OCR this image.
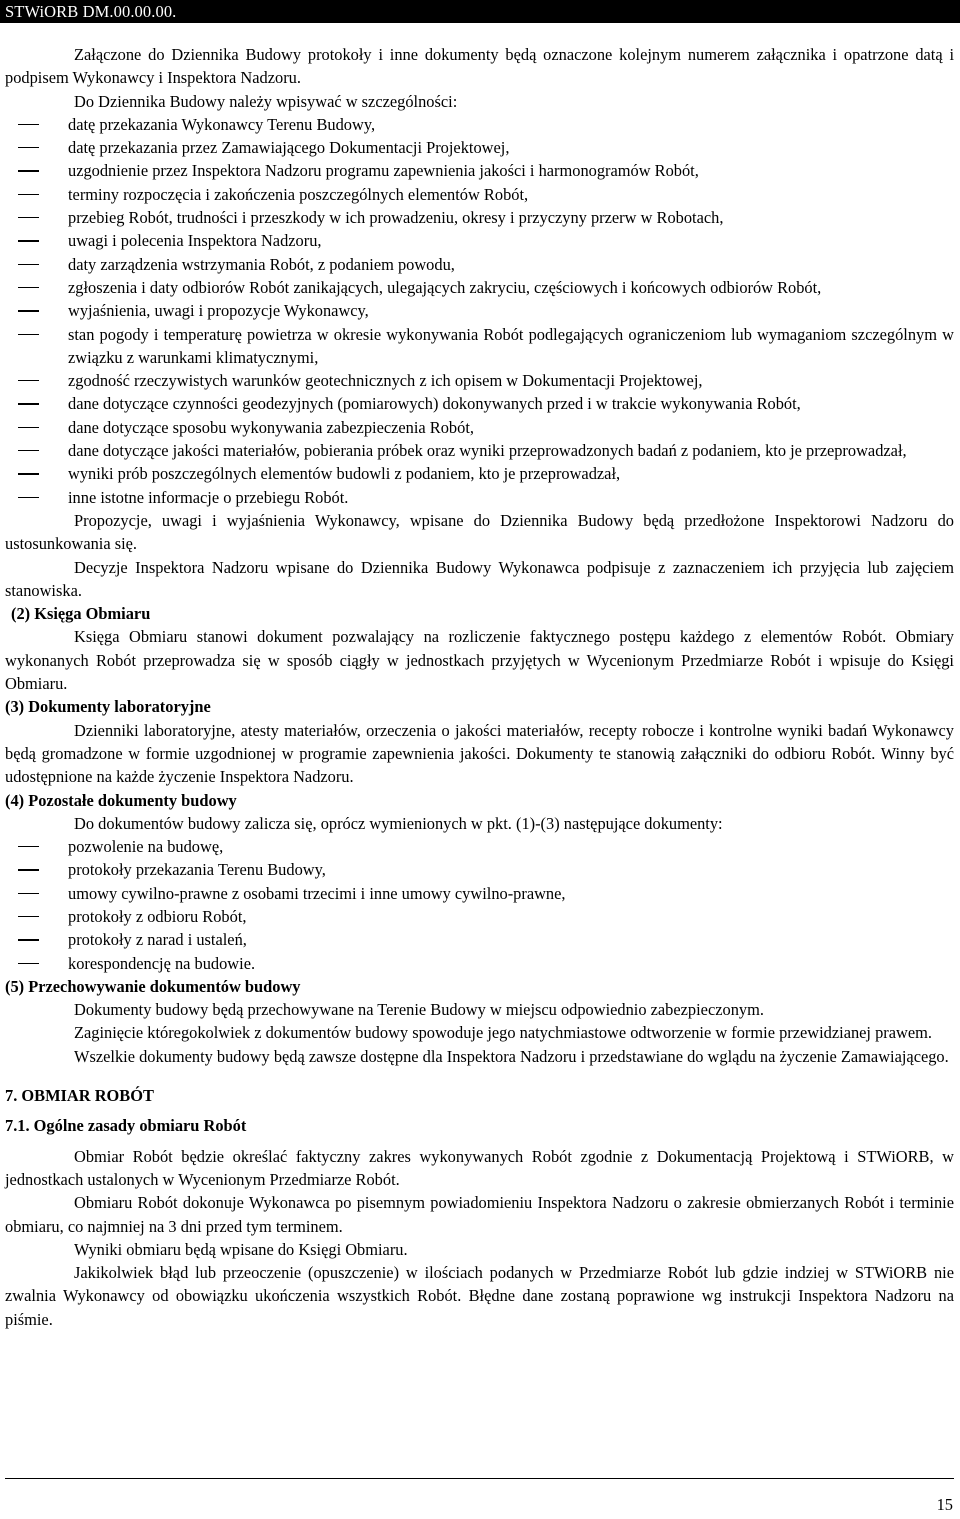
STWiORB DM.00.00.00.

Załączone do Dziennika Budowy protokoły i inne dokumenty będą oznaczone kolejnym numerem załącznika i opatrzone datą i podpisem Wykonawcy i Inspektora Nadzoru.

Do Dziennika Budowy należy wpisywać w szczególności:

datę przekazania Wykonawcy Terenu Budowy,
datę przekazania przez Zamawiającego Dokumentacji Projektowej,
uzgodnienie przez Inspektora Nadzoru programu zapewnienia jakości i harmonogramów Robót,
terminy rozpoczęcia i zakończenia poszczególnych elementów Robót,
przebieg Robót, trudności i przeszkody w ich prowadzeniu, okresy i przyczyny przerw w Robotach,
uwagi i polecenia Inspektora Nadzoru,
daty zarządzenia wstrzymania Robót, z podaniem powodu,
zgłoszenia i daty odbiorów Robót zanikających, ulegających zakryciu, częściowych i końcowych odbiorów Robót,
wyjaśnienia, uwagi i propozycje Wykonawcy,
stan pogody i temperaturę powietrza w okresie wykonywania Robót podlegających ograniczeniom lub wymaganiom szczególnym w związku z warunkami klimatycznymi,
zgodność rzeczywistych warunków geotechnicznych z ich opisem w Dokumentacji Projektowej,
dane dotyczące czynności geodezyjnych (pomiarowych) dokonywanych przed i w trakcie wykonywania Robót,
dane dotyczące sposobu wykonywania zabezpieczenia Robót,
dane dotyczące jakości materiałów, pobierania próbek oraz wyniki przeprowadzonych badań z podaniem, kto je przeprowadzał,
wyniki prób poszczególnych elementów budowli z podaniem, kto je przeprowadzał,
inne istotne informacje o przebiegu Robót.

Propozycje, uwagi i wyjaśnienia Wykonawcy, wpisane do Dziennika Budowy będą przedłożone Inspektorowi Nadzoru do ustosunkowania się.

Decyzje Inspektora Nadzoru wpisane do Dziennika Budowy Wykonawca podpisuje z zaznaczeniem ich przyjęcia lub zajęciem stanowiska.

(2) Księga Obmiaru

Księga Obmiaru stanowi dokument pozwalający na rozliczenie faktycznego postępu każdego z elementów Robót. Obmiary wykonanych Robót przeprowadza się w sposób ciągły w jednostkach przyjętych w Wycenionym Przedmiarze Robót i wpisuje do Księgi Obmiaru.

(3) Dokumenty laboratoryjne

Dzienniki laboratoryjne, atesty materiałów, orzeczenia o jakości materiałów, recepty robocze i kontrolne wyniki badań Wykonawcy będą gromadzone w formie uzgodnionej w programie zapewnienia jakości. Dokumenty te stanowią załączniki do odbioru Robót. Winny być udostępnione na każde życzenie Inspektora Nadzoru.

(4) Pozostałe dokumenty budowy

Do dokumentów budowy zalicza się, oprócz wymienionych w pkt. (1)-(3) następujące dokumenty:

pozwolenie na budowę,
protokoły przekazania Terenu Budowy,
umowy cywilno-prawne z osobami trzecimi i inne umowy cywilno-prawne,
protokoły z odbioru Robót,
protokoły z narad i ustaleń,
korespondencję na budowie.

(5) Przechowywanie dokumentów budowy

Dokumenty budowy będą przechowywane na Terenie Budowy w miejscu odpowiednio zabezpieczonym.

Zaginięcie któregokolwiek z dokumentów budowy spowoduje jego natychmiastowe odtworzenie w formie przewidzianej prawem.

Wszelkie dokumenty budowy będą zawsze dostępne dla Inspektora Nadzoru i przedstawiane do wglądu na życzenie Zamawiającego.

7. OBMIAR ROBÓT

7.1. Ogólne zasady obmiaru Robót

Obmiar Robót będzie określać faktyczny zakres wykonywanych Robót zgodnie z Dokumentacją Projektową i STWiORB, w jednostkach ustalonych w Wycenionym Przedmiarze Robót.

Obmiaru Robót dokonuje Wykonawca po pisemnym powiadomieniu Inspektora Nadzoru o zakresie obmierzanych Robót i terminie obmiaru, co najmniej na 3 dni przed tym terminem.

Wyniki obmiaru będą wpisane do Księgi Obmiaru.

Jakikolwiek błąd lub przeoczenie (opuszczenie) w ilościach podanych w Przedmiarze Robót lub gdzie indziej w STWiORB nie zwalnia Wykonawcy od obowiązku ukończenia wszystkich Robót. Błędne dane zostaną poprawione wg instrukcji Inspektora Nadzoru na piśmie.

15
